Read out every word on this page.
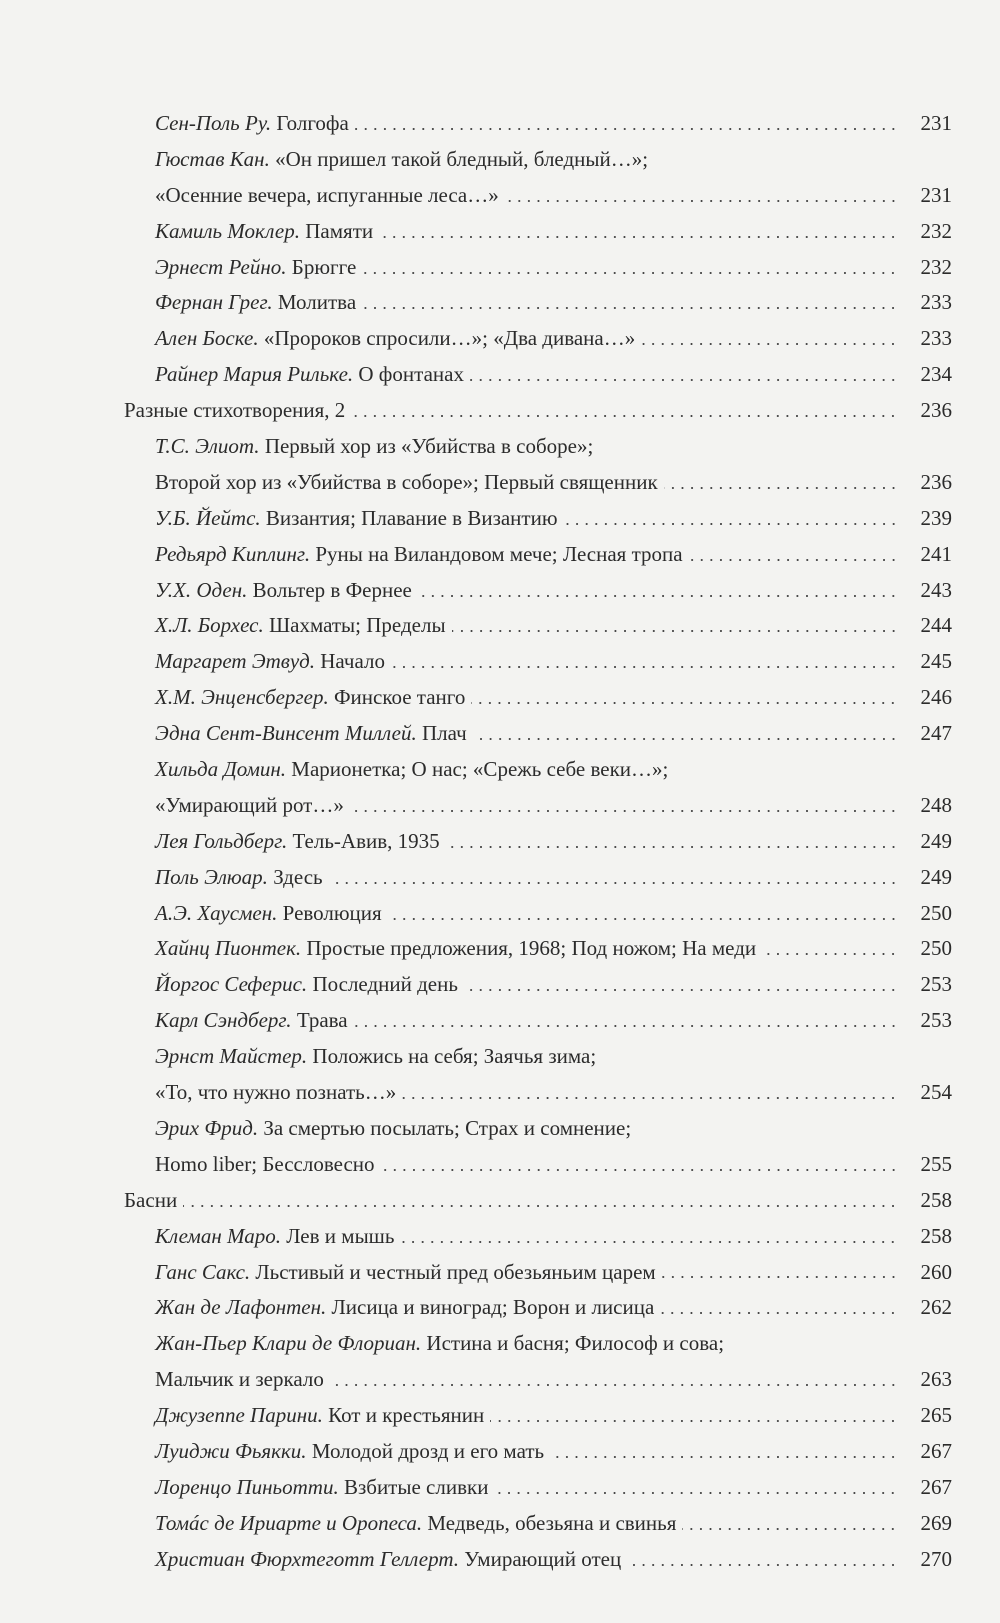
Сен-Поль Ру. Голгофа	231
Гюстав Кан. «Он пришел такой бледный, бледный…»;
«Осенние вечера, испуганные леса…»	231
Камиль Моклер. Памяти	232
Эрнест Рейно. Брюгге	232
Фернан Грег. Молитва	233
Ален Боске. «Пророков спросили…»; «Два дивана…»	233
Райнер Мария Рильке. О фонтанах	234
Разные стихотворения, 2	236
Т.С. Элиот. Первый хор из «Убийства в соборе»;
Второй хор из «Убийства в соборе»; Первый священник	236
У.Б. Йейтс. Византия; Плавание в Византию	239
Редьярд Киплинг. Руны на Виландовом мече; Лесная тропа	241
У.Х. Оден. Вольтер в Фернее	243
Х.Л. Борхес. Шахматы; Пределы	244
Маргарет Этвуд. Начало	245
Х.М. Энценсбергер. Финское танго	246
Эдна Сент-Винсент Миллей. Плач	247
Хильда Домин. Марионетка; О нас; «Срежь себе веки…»;
«Умирающий рот…»	248
Лея Гольдберг. Тель-Авив, 1935	249
Поль Элюар. Здесь	249
А.Э. Хаусмен. Революция	250
Хайнц Пионтек. Простые предложения, 1968; Под ножом; На меди	250
Йоргос Сеферис. Последний день	253
Карл Сэндберг. Трава	253
Эрнст Майстер. Положись на себя; Заячья зима;
«То, что нужно познать…»	254
Эрих Фрид. За смертью посылать; Страх и сомнение;
Homo liber; Бессловесно	255
Басни	258
Клеман Маро. Лев и мышь	258
Ганс Сакс. Льстивый и честный пред обезьяньим царем	260
Жан де Лафонтен. Лисица и виноград; Ворон и лисица	262
Жан-Пьер Клари де Флориан. Истина и басня; Философ и сова;
Мальчик и зеркало	263
Джузеппе Парини. Кот и крестьянин	265
Луиджи Фьякки. Молодой дрозд и его мать	267
Лоренцо Пиньотти. Взбитые сливки	267
Томáс де Ириарте и Оропеса. Медведь, обезьяна и свинья	269
Христиан Фюрхтеготт Геллерт. Умирающий отец	270
